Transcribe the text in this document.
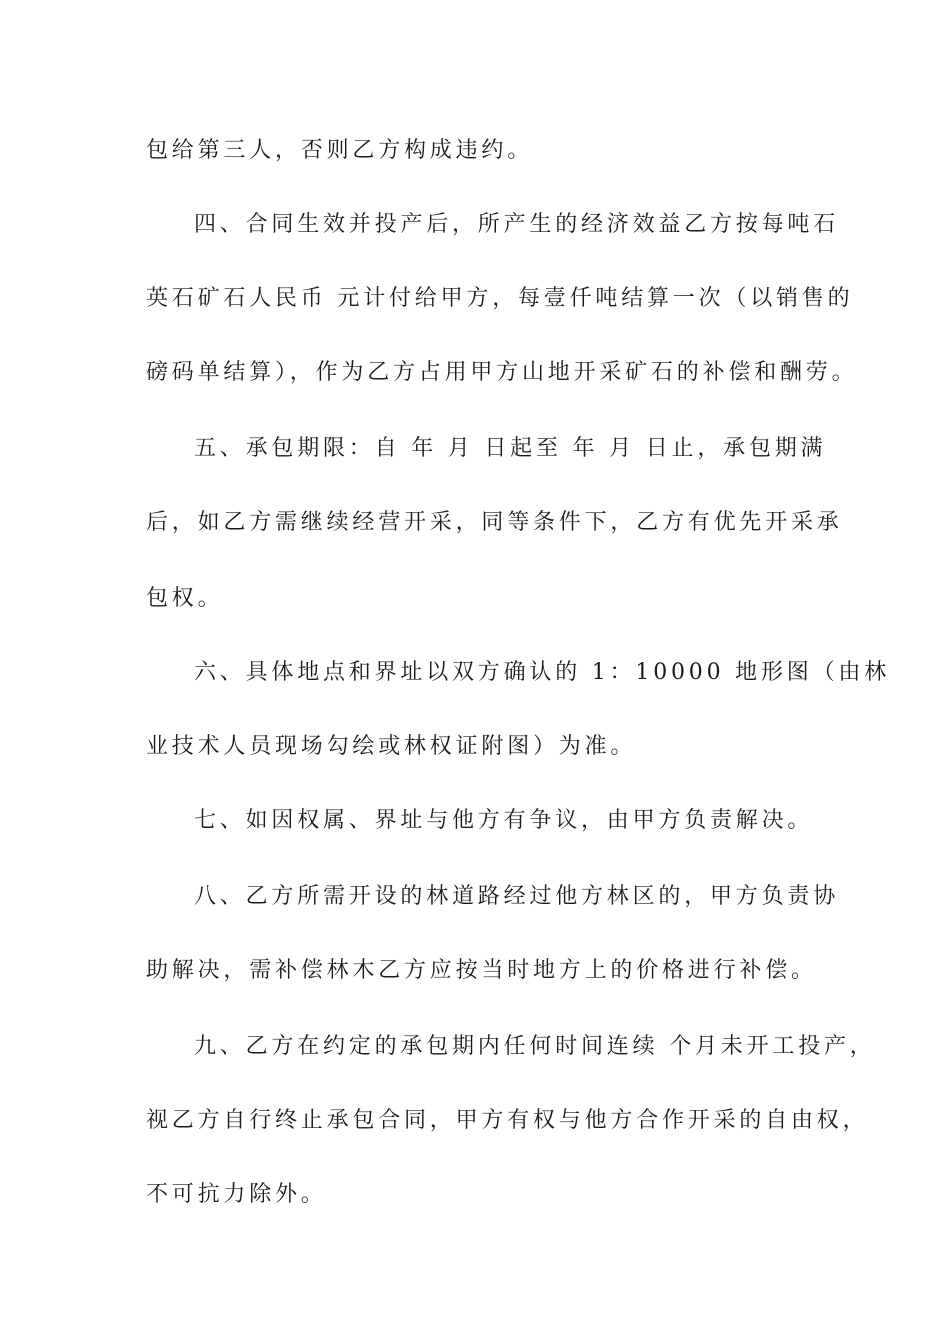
包给第三人，否则乙方构成违约。
四、合同生效并投产后，所产生的经济效益乙方按每吨石
英石矿石人民币 元计付给甲方，每壹仟吨结算一次（以销售的
磅码单结算），作为乙方占用甲方山地开采矿石的补偿和酬劳。
五、承包期限：自 年 月 日起至 年 月 日止，承包期满
后，如乙方需继续经营开采，同等条件下，乙方有优先开采承
包权。
六、具体地点和界址以双方确认的 1：10000 地形图（由林
业技术人员现场勾绘或林权证附图）为准。
七、如因权属、界址与他方有争议，由甲方负责解决。
八、乙方所需开设的林道路经过他方林区的，甲方负责协
助解决，需补偿林木乙方应按当时地方上的价格进行补偿。
九、乙方在约定的承包期内任何时间连续 个月未开工投产，
视乙方自行终止承包合同，甲方有权与他方合作开采的自由权，
不可抗力除外。
